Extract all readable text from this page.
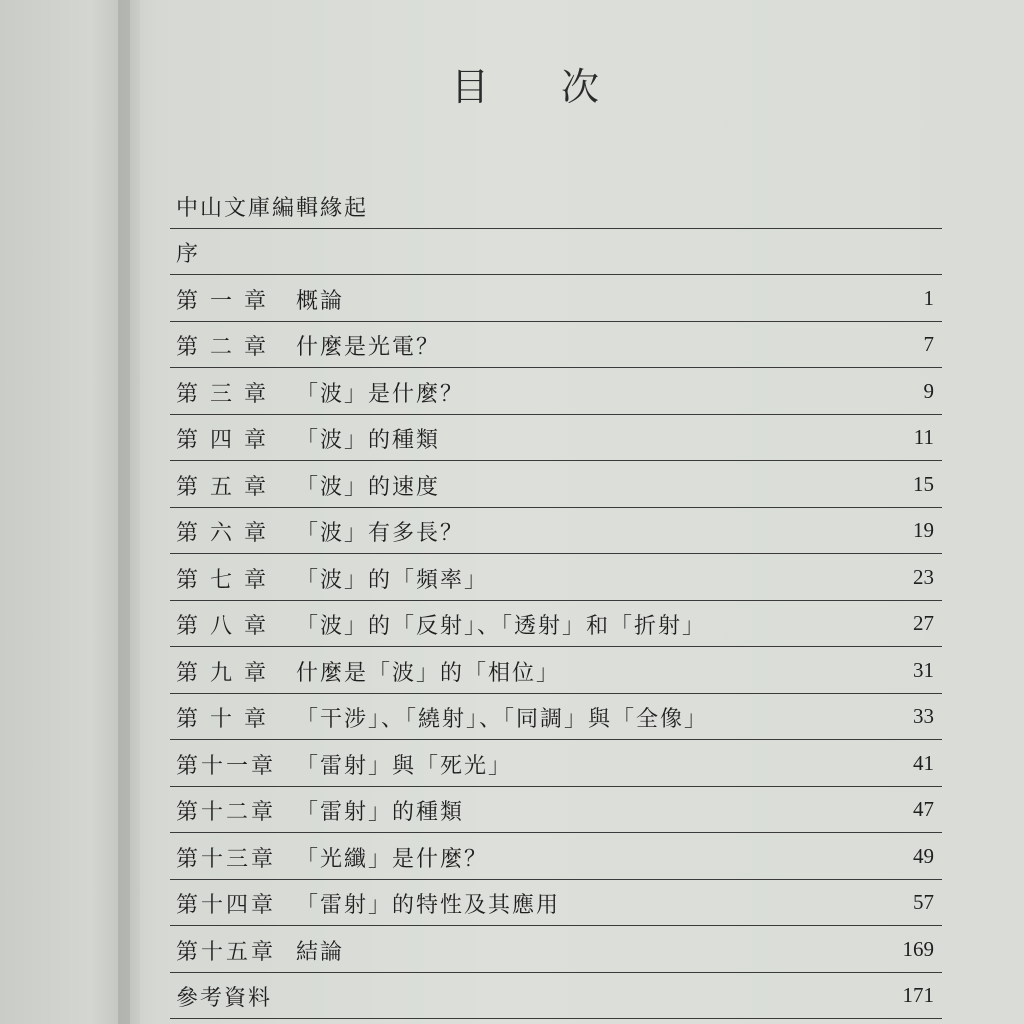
目 次
中山文庫編輯緣起
序
第一章 概論	1
第二章 什麼是光電？	7
第三章 「波」是什麼？	9
第四章 「波」的種類	11
第五章 「波」的速度	15
第六章 「波」有多長？	19
第七章 「波」的「頻率」	23
第八章 「波」的「反射」、「透射」和「折射」	27
第九章 什麼是「波」的「相位」	31
第十章 「干涉」、「繞射」、「同調」與「全像」	33
第十一章 「雷射」與「死光」	41
第十二章 「雷射」的種類	47
第十三章 「光纖」是什麼？	49
第十四章 「雷射」的特性及其應用	57
第十五章 結論	169
參考資料	171
